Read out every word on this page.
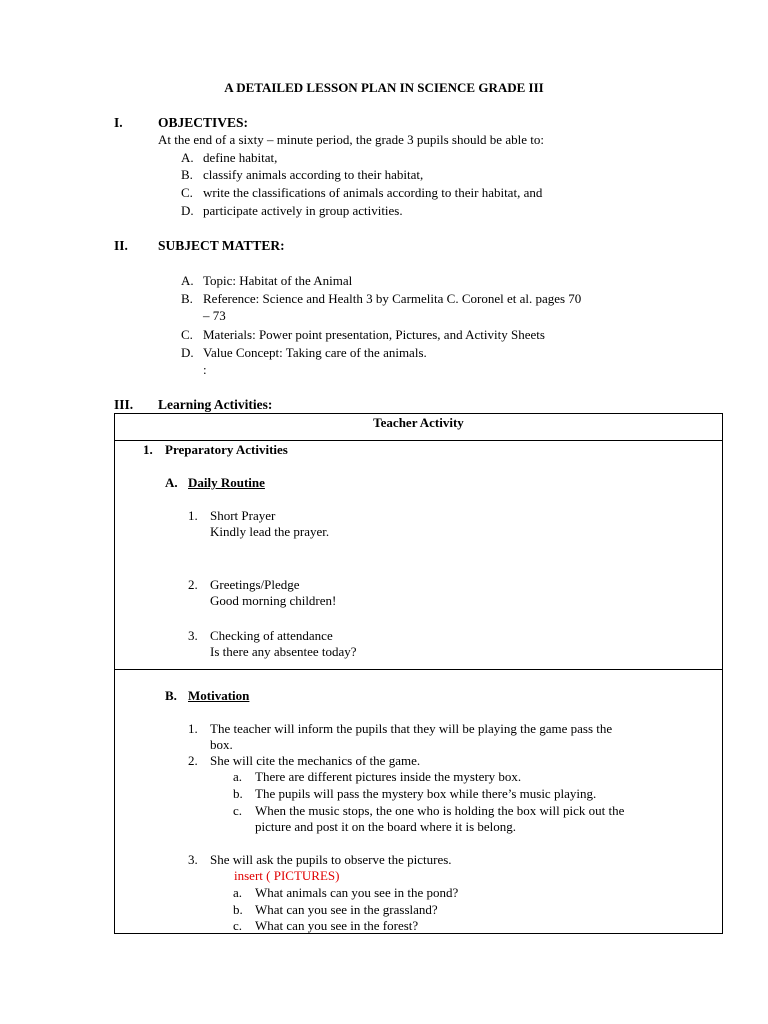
A DETAILED LESSON PLAN IN SCIENCE GRADE III
I.	OBJECTIVES:
At the end of a sixty – minute period, the grade 3 pupils should be able to:
A. define habitat,
B. classify animals according to their habitat,
C. write the classifications of animals according to their habitat, and
D. participate actively in group activities.
II. SUBJECT MATTER:
A. Topic: Habitat of the Animal
B. Reference: Science and Health 3 by Carmelita C. Coronel et al. pages 70
– 73
C. Materials: Power point presentation, Pictures, and Activity Sheets
D. Value Concept: Taking care of the animals.
:
III. Learning Activities:
Teacher Activity
1. Preparatory Activities
A. Daily Routine
1. Short Prayer
Kindly lead the prayer.
2. Greetings/Pledge
Good morning children!
3. Checking of attendance
Is there any absentee today?
B. Motivation
1. The teacher will inform the pupils that they will be playing the game pass the
box.
2. She will cite the mechanics of the game.
a. There are different pictures inside the mystery box.
b. The pupils will pass the mystery box while there’s music playing.
c. When the music stops, the one who is holding the box will pick out the
picture and post it on the board where it is belong.
3. She will ask the pupils to observe the pictures.
insert ( PICTURES)
a. What animals can you see in the pond?
b. What can you see in the grassland?
c. What can you see in the forest?
